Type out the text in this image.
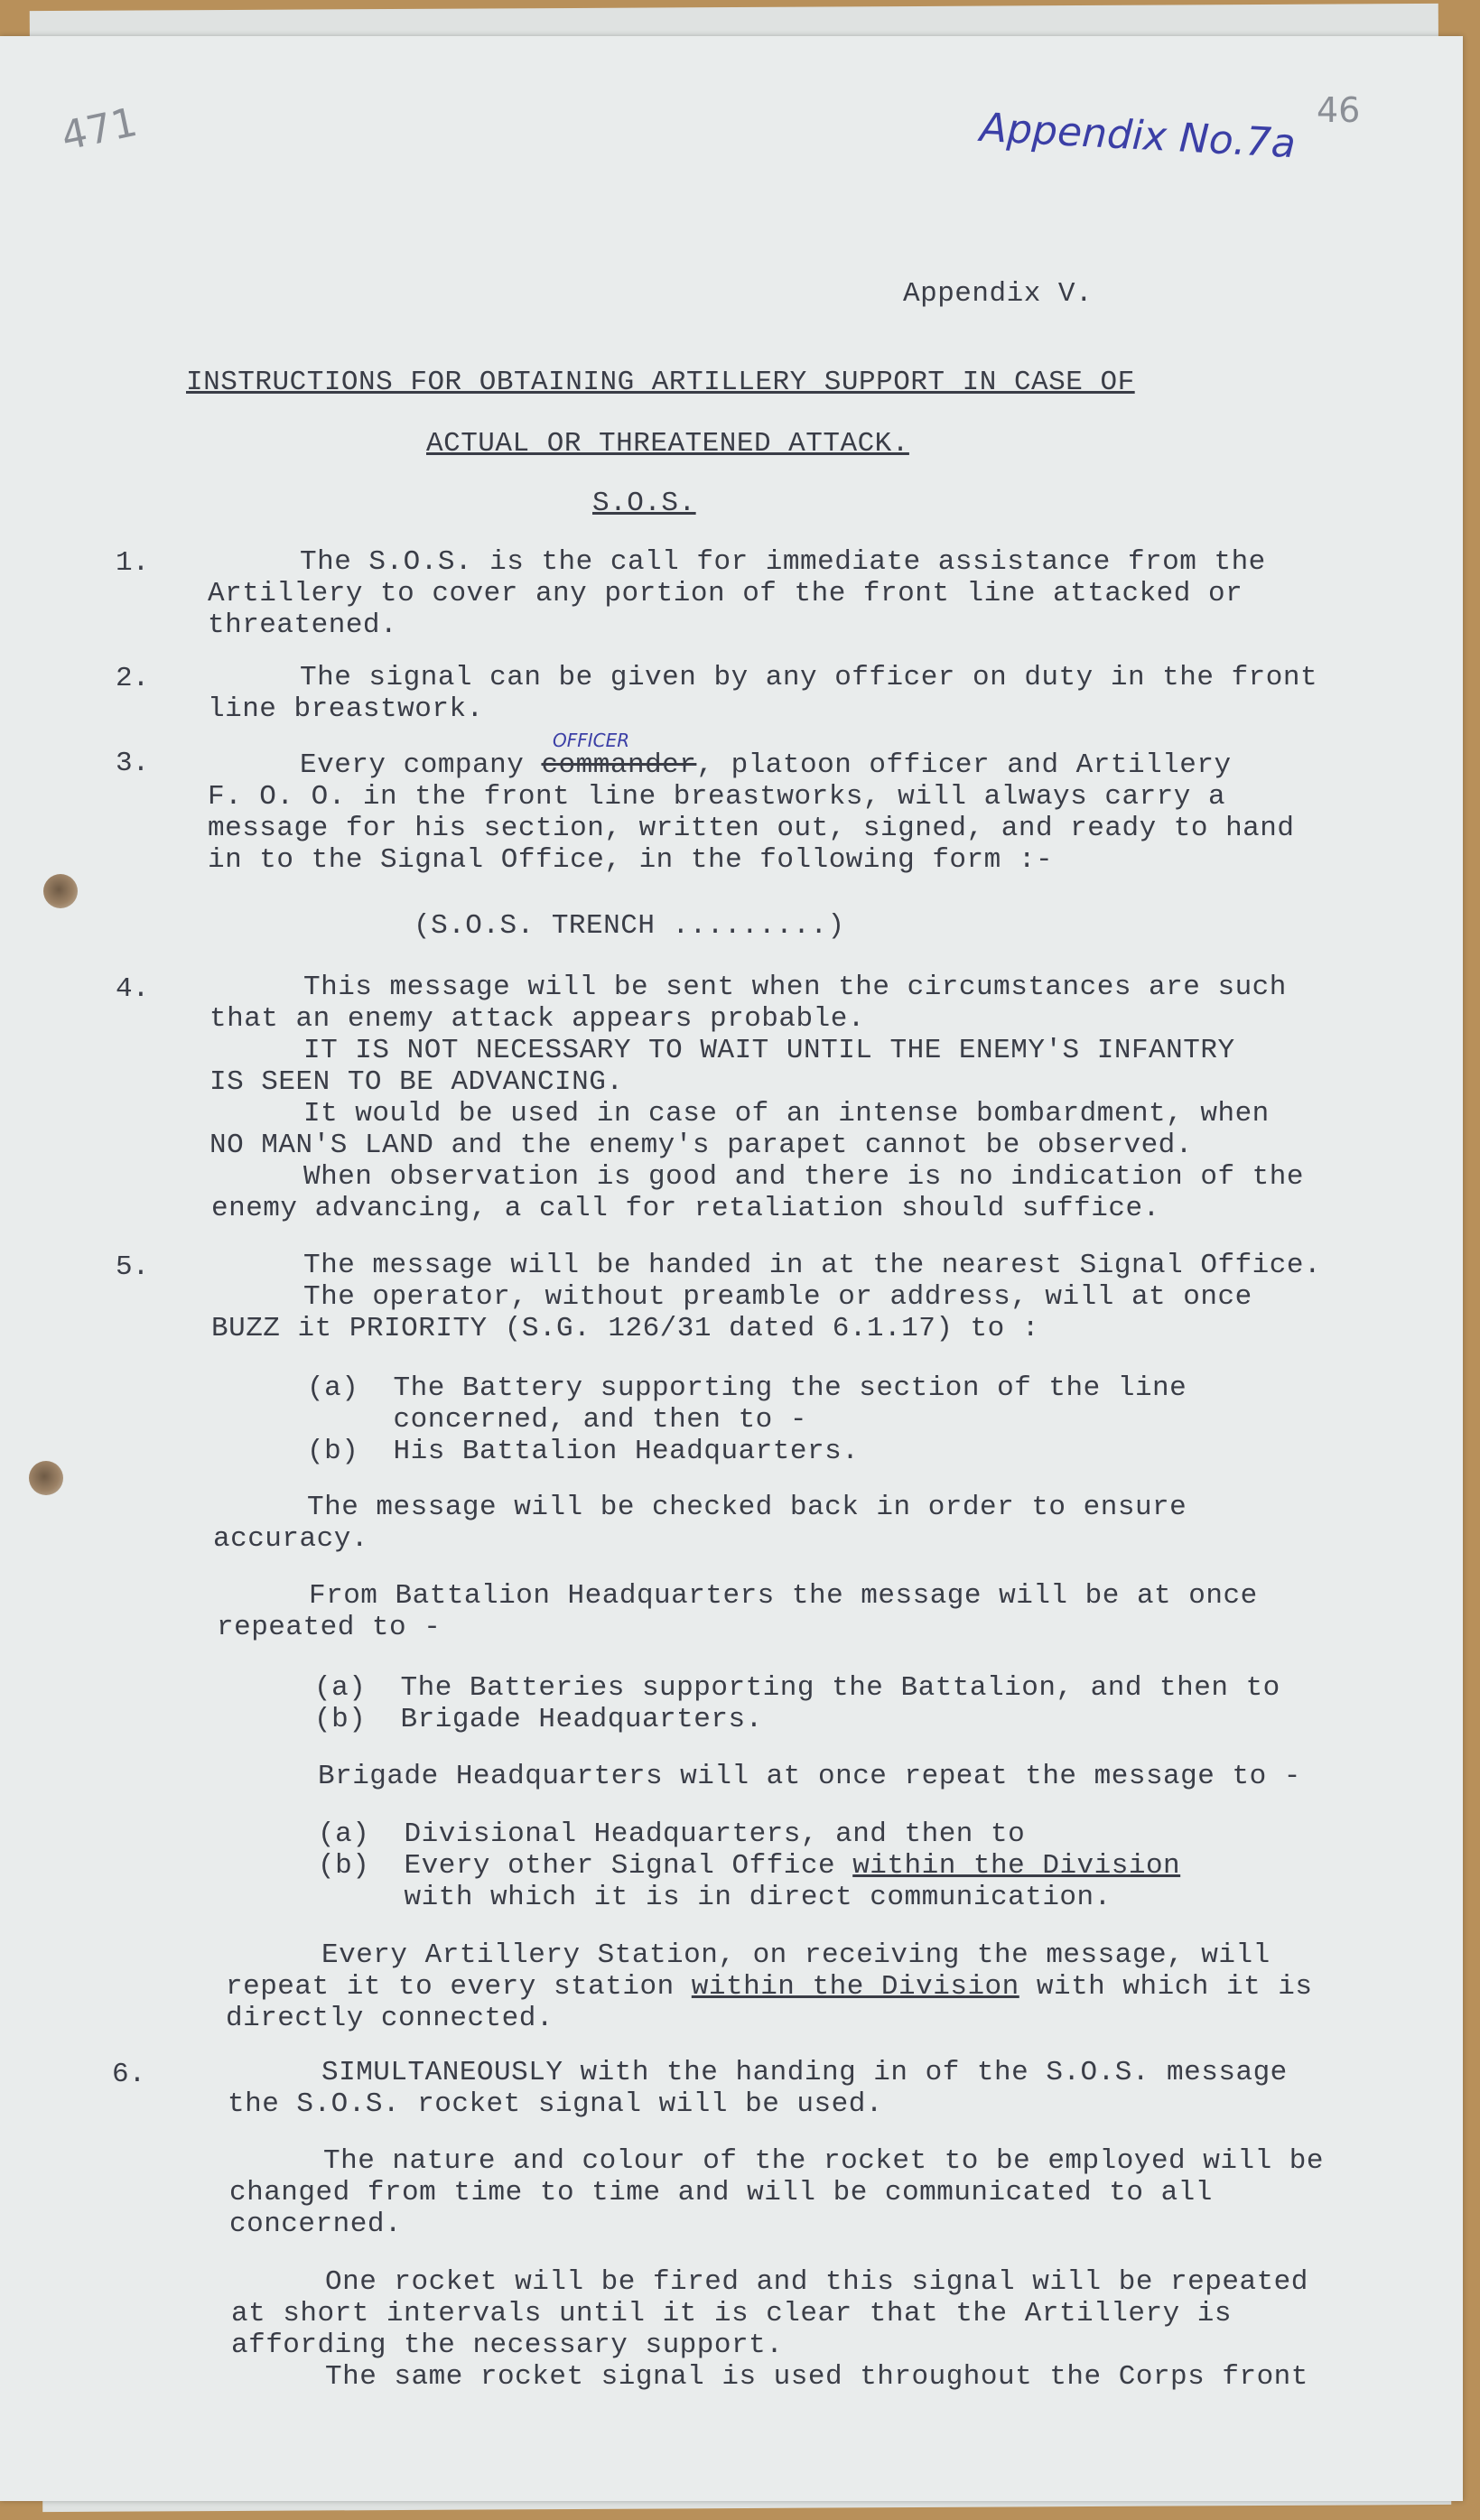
471	46
Appendix No.7a
Appendix V.
INSTRUCTIONS FOR OBTAINING ARTILLERY SUPPORT IN CASE OF
ACTUAL OR THREATENED ATTACK.
S.O.S.
1.	The S.O.S. is the call for immediate assistance from the
Artillery to cover any portion of the front line attacked or
threatened.
2.	The signal can be given by any officer on duty in the front
line breastwork.
3.
OFFICER
Every company commander, platoon officer and Artillery
F. O. O. in the front line breastworks, will always carry a
message for his section, written out, signed, and ready to hand
in to the Signal Office, in the following form :-
(S.O.S. TRENCH .........)
4.	This message will be sent when the circumstances are such
that an enemy attack appears probable.
IT IS NOT NECESSARY TO WAIT UNTIL THE ENEMY'S INFANTRY
IS SEEN TO BE ADVANCING.
It would be used in case of an intense bombardment, when
NO MAN'S LAND and the enemy's parapet cannot be observed.
When observation is good and there is no indication of the
enemy advancing, a call for retaliation should suffice.
5.	The message will be handed in at the nearest Signal Office.
The operator, without preamble or address, will at once
BUZZ it PRIORITY (S.G. 126/31 dated 6.1.17) to :
(a)  The Battery supporting the section of the line
concerned, and then to -
(b)  His Battalion Headquarters.
The message will be checked back in order to ensure
accuracy.
From Battalion Headquarters the message will be at once
repeated to -
(a)  The Batteries supporting the Battalion, and then to
(b)  Brigade Headquarters.
Brigade Headquarters will at once repeat the message to -
(a)  Divisional Headquarters, and then to
(b)  Every other Signal Office within the Division
with which it is in direct communication.
Every Artillery Station, on receiving the message, will
repeat it to every station within the Division with which it is
directly connected.
6.	SIMULTANEOUSLY with the handing in of the S.O.S. message
the S.O.S. rocket signal will be used.
The nature and colour of the rocket to be employed will be
changed from time to time and will be communicated to all
concerned.
One rocket will be fired and this signal will be repeated
at short intervals until it is clear that the Artillery is
affording the necessary support.
The same rocket signal is used throughout the Corps front
